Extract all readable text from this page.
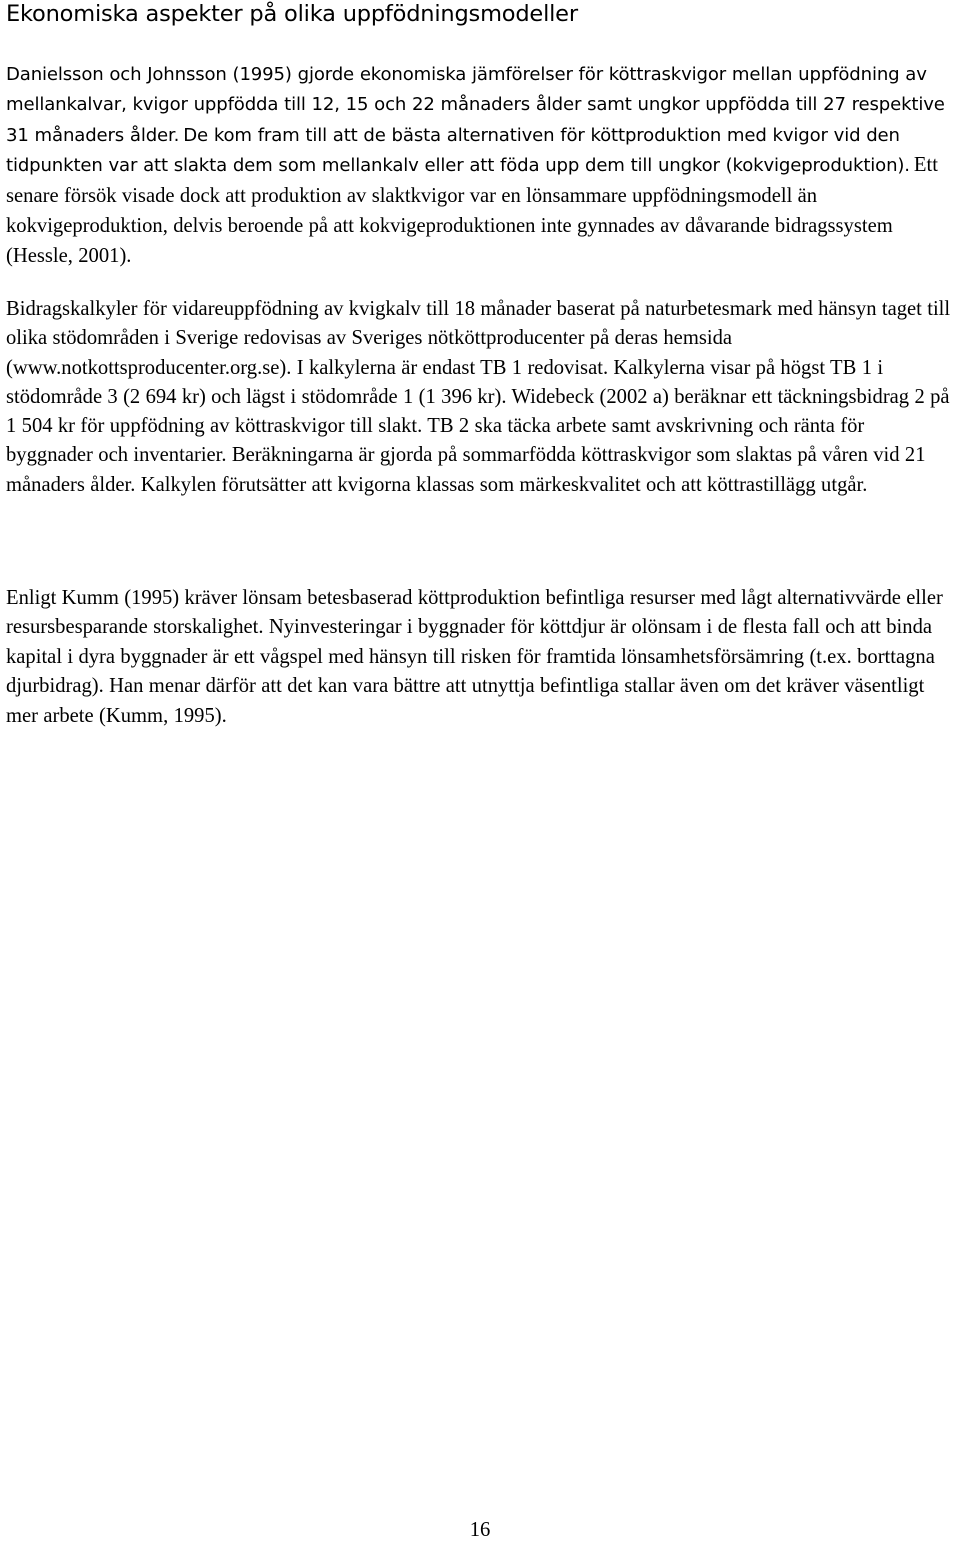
Ekonomiska aspekter på olika uppfödningsmodeller

Danielsson och Johnsson (1995) gjorde ekonomiska jämförelser för köttraskvigor mellan uppfödning av mellankalvar, kvigor uppfödda till 12, 15 och 22 månaders ålder samt ungkor uppfödda till 27 respektive 31 månaders ålder. De kom fram till att de bästa alternativen för köttproduktion med kvigor vid den tidpunkten var att slakta dem som mellankalv eller att föda upp dem till ungkor (kokvigeproduktion). Ett senare försök visade dock att produktion av slaktkvigor var en lönsammare uppfödningsmodell än kokvigeproduktion, delvis beroende på att kokvigeproduktionen inte gynnades av dåvarande bidragssystem (Hessle, 2001).

Bidragskalkyler för vidareuppfödning av kvigkalv till 18 månader baserat på naturbetesmark med hänsyn taget till olika stödområden i Sverige redovisas av Sveriges nötköttproducenter på deras hemsida (www.notkottsproducenter.org.se). I kalkylerna är endast TB 1 redovisat. Kalkylerna visar på högst TB 1 i stödområde 3 (2 694 kr) och lägst i stödområde 1 (1 396 kr). Widebeck (2002 a) beräknar ett täckningsbidrag 2 på 1 504 kr för uppfödning av köttraskvigor till slakt. TB 2 ska täcka arbete samt avskrivning och ränta för byggnader och inventarier. Beräkningarna är gjorda på sommarfödda köttraskvigor som slaktas på våren vid 21 månaders ålder. Kalkylen förutsätter att kvigorna klassas som märkeskvalitet och att köttrastillägg utgår.

Enligt Kumm (1995) kräver lönsam betesbaserad köttproduktion befintliga resurser med lågt alternativvärde eller resursbesparande storskalighet. Nyinvesteringar i byggnader för köttdjur är olönsam i de flesta fall och att binda kapital i dyra byggnader är ett vågspel med hänsyn till risken för framtida lönsamhetsförsämring (t.ex. borttagna djurbidrag). Han menar därför att det kan vara bättre att utnyttja befintliga stallar även om det kräver väsentligt mer arbete (Kumm, 1995).

16
